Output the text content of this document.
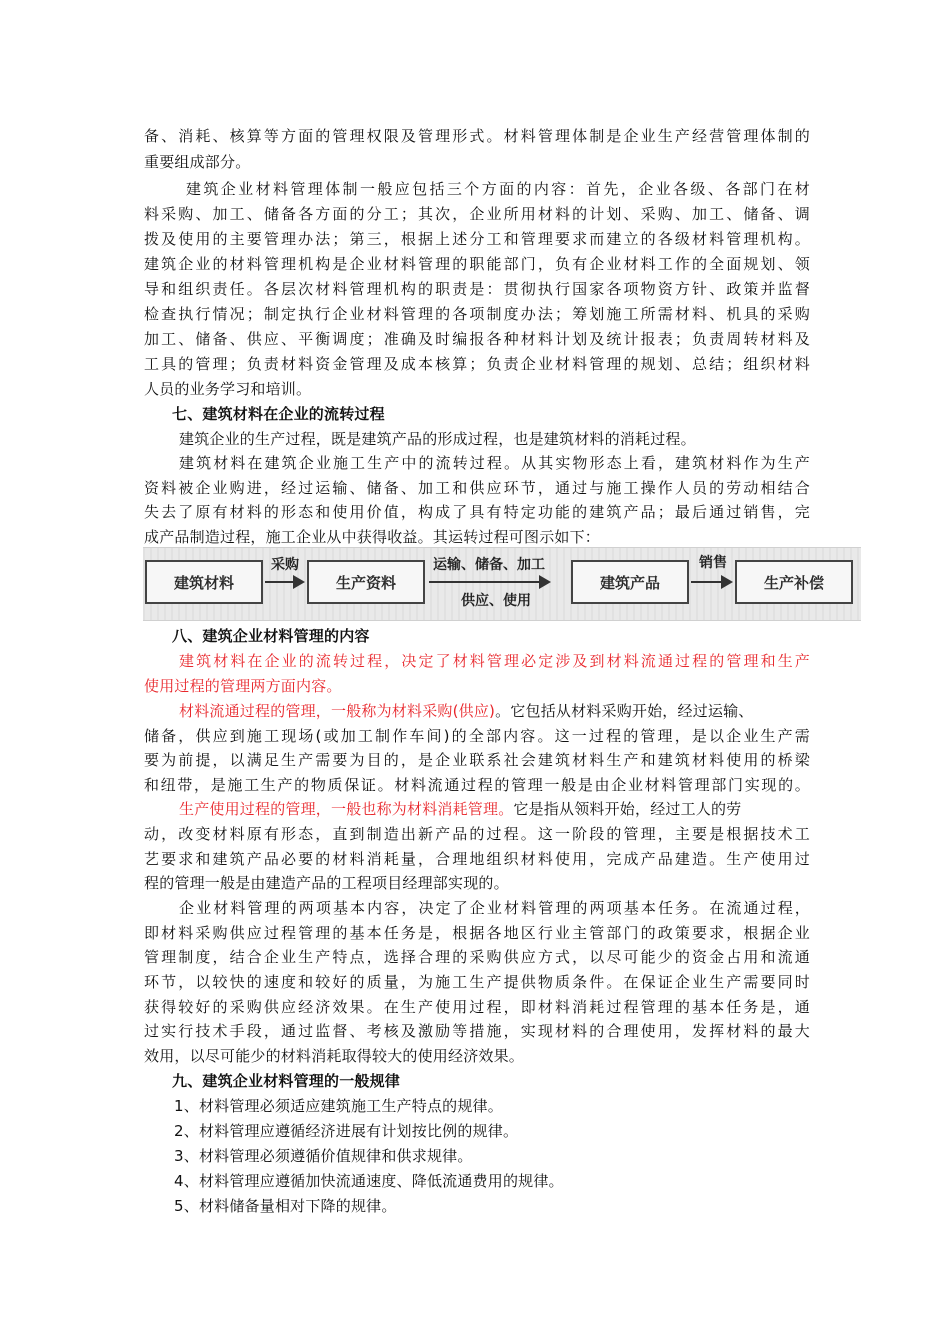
备、消耗、核算等方面的管理权限及管理形式。材料管理体制是企业生产经营管理体制的
重要组成部分。
建筑企业材料管理体制一般应包括三个方面的内容：首先，企业各级、各部门在材
料采购、加工、储备各方面的分工；其次，企业所用材料的计划、采购、加工、储备、调
拨及使用的主要管理办法；第三，根据上述分工和管理要求而建立的各级材料管理机构。
建筑企业的材料管理机构是企业材料管理的职能部门，负有企业材料工作的全面规划、领
导和组织责任。各层次材料管理机构的职责是：贯彻执行国家各项物资方针、政策并监督
检查执行情况；制定执行企业材料管理的各项制度办法；筹划施工所需材料、机具的采购
加工、储备、供应、平衡调度；准确及时编报各种材料计划及统计报表；负责周转材料及
工具的管理；负责材料资金管理及成本核算；负责企业材料管理的规划、总结；组织材料
人员的业务学习和培训。
七、建筑材料在企业的流转过程
建筑企业的生产过程，既是建筑产品的形成过程，也是建筑材料的消耗过程。
建筑材料在建筑企业施工生产中的流转过程。从其实物形态上看，建筑材料作为生产
资料被企业购进，经过运输、储备、加工和供应环节，通过与施工操作人员的劳动相结合
失去了原有材料的形态和使用价值，构成了具有特定功能的建筑产品；最后通过销售，完
成产品制造过程，施工企业从中获得收益。其运转过程可图示如下：
建筑材料
采购
生产资料
运输、储备、加工
供应、使用
建筑产品
销售
生产补偿
八、建筑企业材料管理的内容
建筑材料在企业的流转过程，决定了材料管理必定涉及到材料流通过程的管理和生产
使用过程的管理两方面内容。
材料流通过程的管理，一般称为材料采购(供应)。它包括从材料采购开始，经过运输、
储备，供应到施工现场(或加工制作车间)的全部内容。这一过程的管理，是以企业生产需
要为前提，以满足生产需要为目的，是企业联系社会建筑材料生产和建筑材料使用的桥梁
和纽带，是施工生产的物质保证。材料流通过程的管理一般是由企业材料管理部门实现的。
生产使用过程的管理，一般也称为材料消耗管理。它是指从领料开始，经过工人的劳
动，改变材料原有形态，直到制造出新产品的过程。这一阶段的管理，主要是根据技术工
艺要求和建筑产品必要的材料消耗量，合理地组织材料使用，完成产品建造。生产使用过
程的管理一般是由建造产品的工程项目经理部实现的。
企业材料管理的两项基本内容，决定了企业材料管理的两项基本任务。在流通过程，
即材料采购供应过程管理的基本任务是，根据各地区行业主管部门的政策要求，根据企业
管理制度，结合企业生产特点，选择合理的采购供应方式，以尽可能少的资金占用和流通
环节，以较快的速度和较好的质量，为施工生产提供物质条件。在保证企业生产需要同时
获得较好的采购供应经济效果。在生产使用过程，即材料消耗过程管理的基本任务是，通
过实行技术手段，通过监督、考核及激励等措施，实现材料的合理使用，发挥材料的最大
效用，以尽可能少的材料消耗取得较大的使用经济效果。
九、建筑企业材料管理的一般规律
1、材料管理必须适应建筑施工生产特点的规律。
2、材料管理应遵循经济进展有计划按比例的规律。
3、材料管理必须遵循价值规律和供求规律。
4、材料管理应遵循加快流通速度、降低流通费用的规律。
5、材料储备量相对下降的规律。
